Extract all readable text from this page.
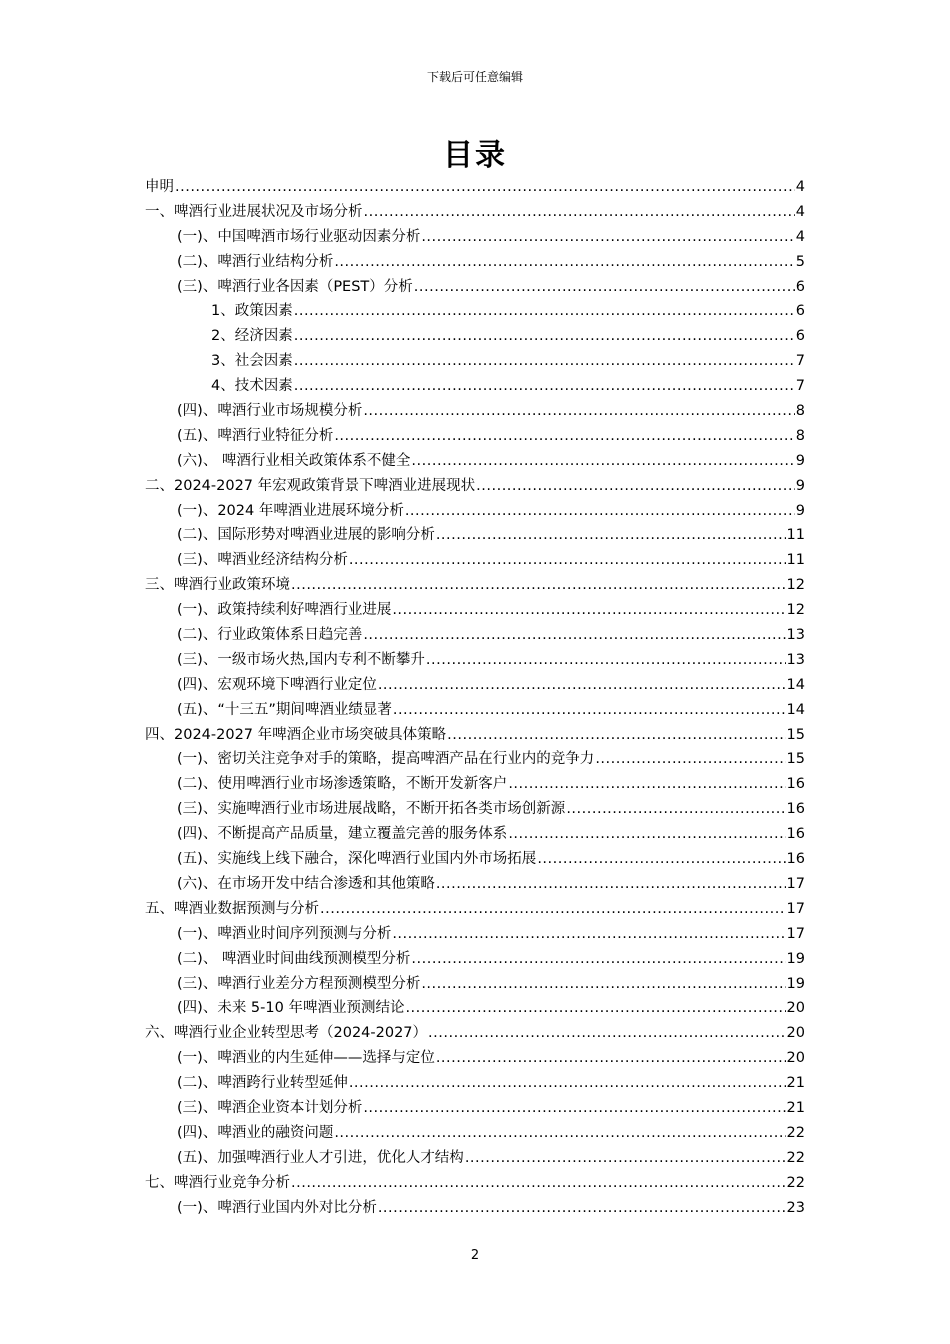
下载后可任意编辑
目录
申明 .....	4
一、啤酒行业进展状况及市场分析 .....	4
(一)、中国啤酒市场行业驱动因素分析 .....	4
(二)、啤酒行业结构分析 .....	5
(三)、啤酒行业各因素（PEST）分析 .....	6
1、政策因素 .....	6
2、经济因素 .....	6
3、社会因素 .....	7
4、技术因素 .....	7
(四)、啤酒行业市场规模分析 .....	8
(五)、啤酒行业特征分析 .....	8
(六)、 啤酒行业相关政策体系不健全 .....	9
二、2024-2027 年宏观政策背景下啤酒业进展现状 .....	9
(一)、2024 年啤酒业进展环境分析 .....	9
(二)、国际形势对啤酒业进展的影响分析 .....	11
(三)、啤酒业经济结构分析 .....	11
三、啤酒行业政策环境 .....	12
(一)、政策持续利好啤酒行业进展 .....	12
(二)、行业政策体系日趋完善 .....	13
(三)、一级市场火热,国内专利不断攀升 .....	13
(四)、宏观环境下啤酒行业定位 .....	14
(五)、“十三五”期间啤酒业绩显著 .....	14
四、2024-2027 年啤酒企业市场突破具体策略 .....	15
(一)、密切关注竞争对手的策略，提高啤酒产品在行业内的竞争力 .....	15
(二)、使用啤酒行业市场渗透策略，不断开发新客户 .....	16
(三)、实施啤酒行业市场进展战略，不断开拓各类市场创新源 .....	16
(四)、不断提高产品质量，建立覆盖完善的服务体系 .....	16
(五)、实施线上线下融合，深化啤酒行业国内外市场拓展 .....	16
(六)、在市场开发中结合渗透和其他策略 .....	17
五、啤酒业数据预测与分析 .....	17
(一)、啤酒业时间序列预测与分析 .....	17
(二)、 啤酒业时间曲线预测模型分析 .....	19
(三)、啤酒行业差分方程预测模型分析 .....	19
(四)、未来 5-10 年啤酒业预测结论 .....	20
六、啤酒行业企业转型思考（2024-2027） .....	20
(一)、啤酒业的内生延伸——选择与定位 .....	20
(二)、啤酒跨行业转型延伸 .....	21
(三)、啤酒企业资本计划分析 .....	21
(四)、啤酒业的融资问题 .....	22
(五)、加强啤酒行业人才引进，优化人才结构 .....	22
七、啤酒行业竞争分析 .....	22
(一)、啤酒行业国内外对比分析 .....	23
2
